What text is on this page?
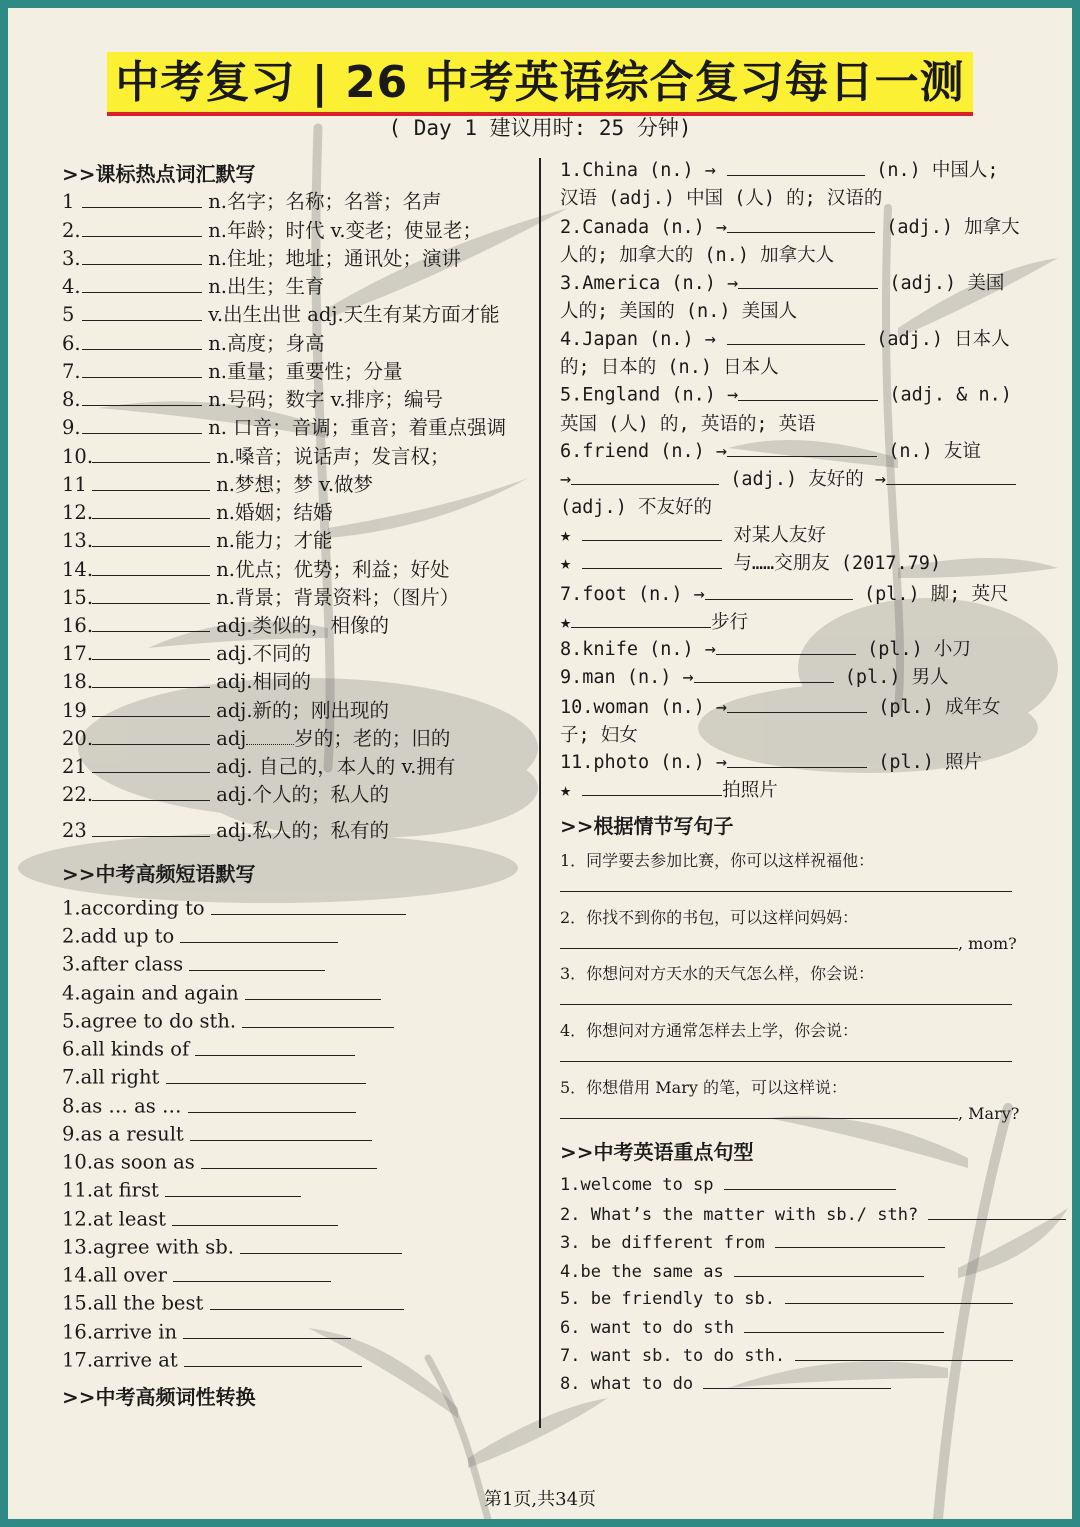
中考复习 | 26 中考英语综合复习每日一测
( Day 1 建议用时: 25 分钟)
>>课标热点词汇默写
1	n.名字；名称；名誉；名声
2.	n.年龄；时代 v.变老；使显老；
3.	n.住址；地址；通讯处；演讲
4.	n.出生；生育
5	v.出生出世 adj.天生有某方面才能
6.	n.高度；身高
7.	n.重量；重要性；分量
8.	n.号码；数字 v.排序；编号
9.	n. 口音；音调；重音；着重点强调
10.	n.嗓音；说话声；发言权；
11	n.梦想；梦 v.做梦
12.	n.婚姻；结婚
13.	n.能力；才能
14.	n.优点；优势；利益；好处
15.	n.背景；背景资料；（图片）
16.	adj.类似的，相像的
17.	adj.不同的
18.	adj.相同的
19	adj.新的；刚出现的
20.	adj 岁的；老的；旧的
21	adj. 自己的，本人的 v.拥有
22.	adj.个人的；私人的
23	adj.私人的；私有的
>>中考高频短语默写
1.according to
2.add up to
3.after class
4.again and again
5.agree to do sth.
6.all kinds of
7.all right
8.as … as …
9.as a result
10.as soon as
11.at first
12.at least
13.agree with sb.
14.all over
15.all the best
16.arrive in
17.arrive at
>>中考高频词性转换
1.China (n.) →	(n.) 中国人;
汉语 (adj.) 中国 (人) 的; 汉语的
2.Canada (n.) →	(adj.) 加拿大
人的; 加拿大的 (n.) 加拿大人
3.America (n.) →	(adj.) 美国
人的; 美国的 (n.) 美国人
4.Japan (n.) →	(adj.) 日本人
的; 日本的 (n.) 日本人
5.England (n.) →	(adj. & n.)
英国 (人) 的, 英语的; 英语
6.friend (n.) →	(n.) 友谊
→	(adj.) 友好的 →
(adj.) 不友好的
★	对某人友好
★	与……交朋友 (2017.79)
7.foot (n.) →	(pl.) 脚; 英尺
★	步行
8.knife (n.) →	(pl.) 小刀
9.man (n.) →	(pl.) 男人
10.woman (n.) →	(pl.) 成年女
子; 妇女
11.photo (n.) →	(pl.) 照片
★	拍照片
>>根据情节写句子
1．同学要去参加比赛，你可以这样祝福他：
2．你找不到你的书包，可以这样问妈妈：
, mom?
3．你想问对方天水的天气怎么样，你会说：
4．你想问对方通常怎样去上学，你会说：
5．你想借用 Mary 的笔，可以这样说：
, Mary?
>>中考英语重点句型
1.welcome to sp
2. What’s the matter with sb./ sth?
3. be different from
4.be the same as
5. be friendly to sb.
6. want to do sth
7. want sb. to do sth.
8. what to do
第1页,共34页
